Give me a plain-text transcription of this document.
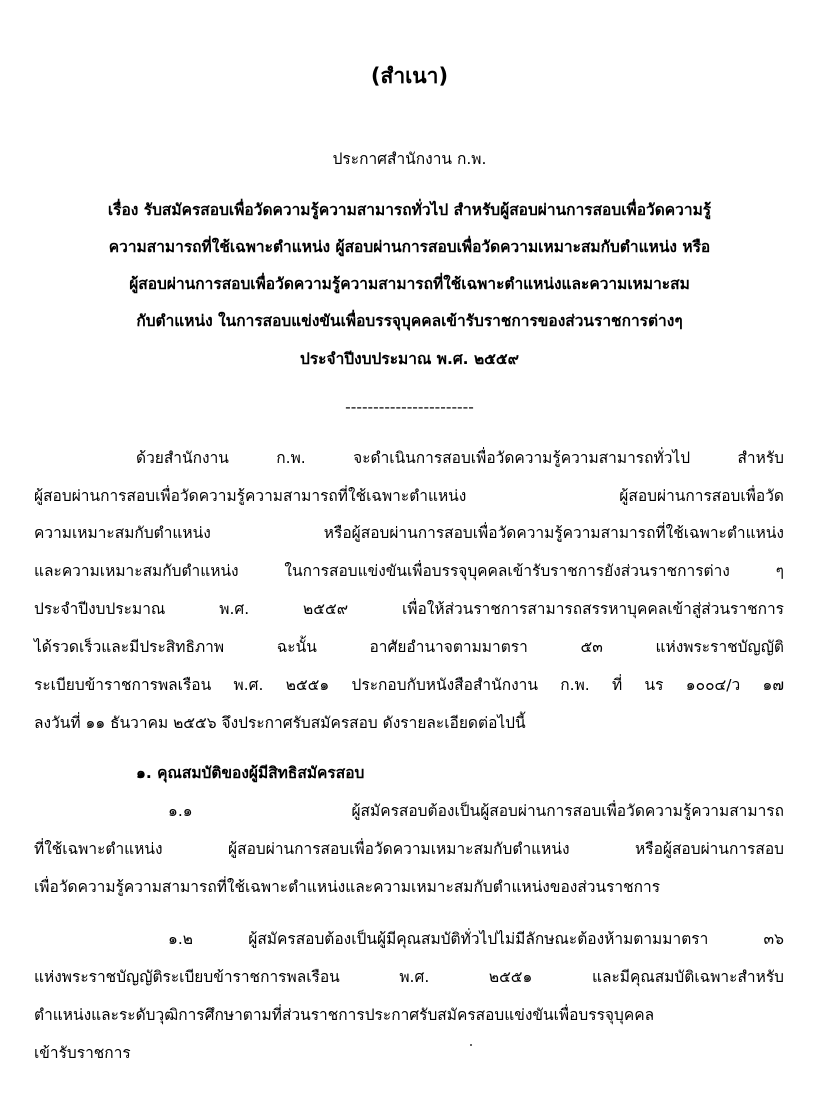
(สำเนา)
ประกาศสำนักงาน ก.พ.
เรื่อง รับสมัครสอบเพื่อวัดความรู้ความสามารถทั่วไป สำหรับผู้สอบผ่านการสอบเพื่อวัดความรู้
ความสามารถที่ใช้เฉพาะตำแหน่ง ผู้สอบผ่านการสอบเพื่อวัดความเหมาะสมกับตำแหน่ง หรือ
ผู้สอบผ่านการสอบเพื่อวัดความรู้ความสามารถที่ใช้เฉพาะตำแหน่งและความเหมาะสม
กับตำแหน่ง ในการสอบแข่งขันเพื่อบรรจุบุคคลเข้ารับราชการของส่วนราชการต่างๆ
ประจำปีงบประมาณ พ.ศ. ๒๕๕๙
-----------------------
ด้วยสำนักงาน ก.พ. จะดำเนินการสอบเพื่อวัดความรู้ความสามารถทั่วไป สำหรับ
ผู้สอบผ่านการสอบเพื่อวัดความรู้ความสามารถที่ใช้เฉพาะตำแหน่ง ผู้สอบผ่านการสอบเพื่อวัด
ความเหมาะสมกับตำแหน่ง หรือผู้สอบผ่านการสอบเพื่อวัดความรู้ความสามารถที่ใช้เฉพาะตำแหน่ง
และความเหมาะสมกับตำแหน่ง ในการสอบแข่งขันเพื่อบรรจุบุคคลเข้ารับราชการยังส่วนราชการต่าง ๆ
ประจำปีงบประมาณ พ.ศ. ๒๕๕๙ เพื่อให้ส่วนราชการสามารถสรรหาบุคคลเข้าสู่ส่วนราชการ
ได้รวดเร็วและมีประสิทธิภาพ ฉะนั้น อาศัยอำนาจตามมาตรา ๕๓ แห่งพระราชบัญญัติ
ระเบียบข้าราชการพลเรือน พ.ศ. ๒๕๕๑ ประกอบกับหนังสือสำนักงาน ก.พ. ที่ นร ๑๐๐๔/ว ๑๗
ลงวันที่ ๑๑ ธันวาคม ๒๕๕๖ จึงประกาศรับสมัครสอบ ดังรายละเอียดต่อไปนี้
๑. คุณสมบัติของผู้มีสิทธิสมัครสอบ
๑.๑ ผู้สมัครสอบต้องเป็นผู้สอบผ่านการสอบเพื่อวัดความรู้ความสามารถ
ที่ใช้เฉพาะตำแหน่ง ผู้สอบผ่านการสอบเพื่อวัดความเหมาะสมกับตำแหน่ง หรือผู้สอบผ่านการสอบ
เพื่อวัดความรู้ความสามารถที่ใช้เฉพาะตำแหน่งและความเหมาะสมกับตำแหน่งของส่วนราชการ
๑.๒ ผู้สมัครสอบต้องเป็นผู้มีคุณสมบัติทั่วไปไม่มีลักษณะต้องห้ามตามมาตรา ๓๖
แห่งพระราชบัญญัติระเบียบข้าราชการพลเรือน พ.ศ. ๒๕๕๑ และมีคุณสมบัติเฉพาะสำหรับ
ตำแหน่งและระดับวุฒิการศึกษาตามที่ส่วนราชการประกาศรับสมัครสอบแข่งขันเพื่อบรรจุบุคคล
เข้ารับราชการ
